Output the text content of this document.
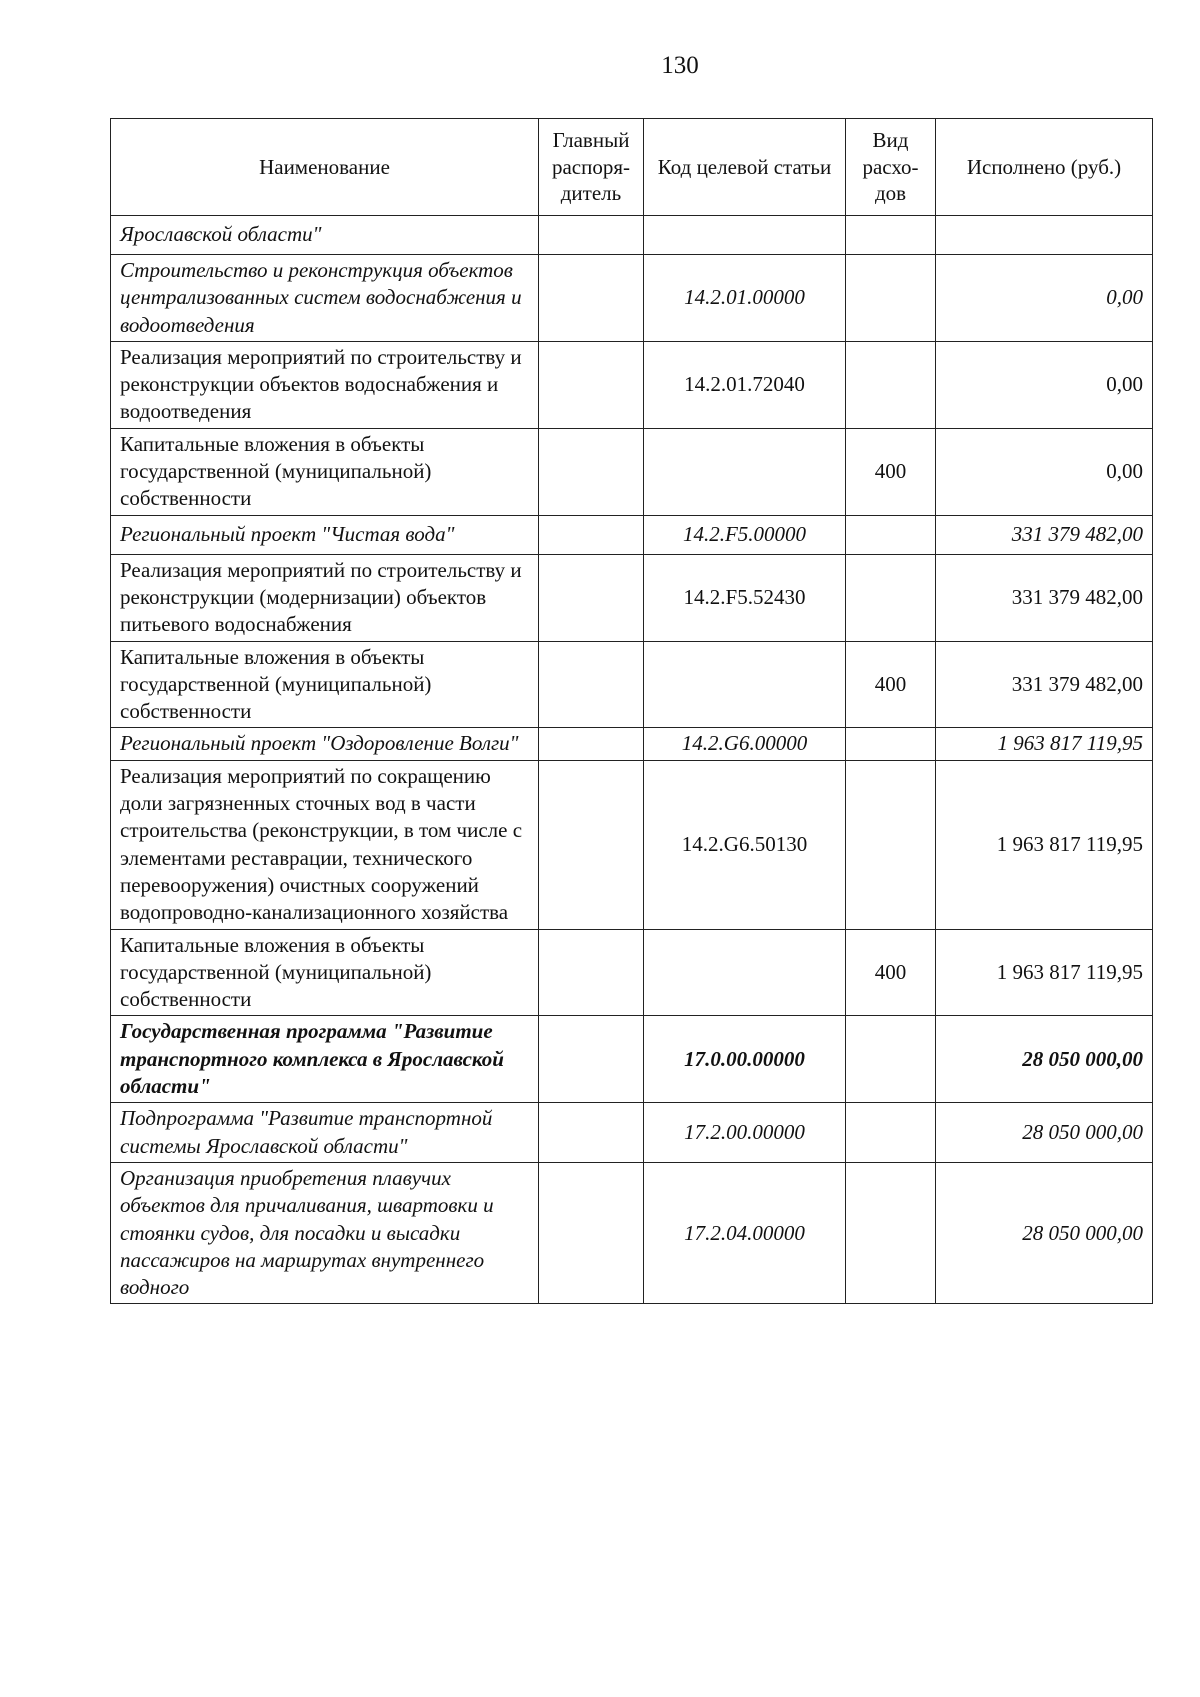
130
Наименование	Главный распоря-дитель	Код целевой статьи	Вид расхо-дов	Исполнено (руб.)
Ярославской области"				
Строительство и реконструкция объектов централизованных систем водоснабжения и водоотведения		14.2.01.00000		0,00
Реализация мероприятий по строительству и реконструкции объектов водоснабжения и водоотведения		14.2.01.72040		0,00
Капитальные вложения в объекты государственной (муниципальной) собственности			400	0,00
Региональный проект "Чистая вода"		14.2.F5.00000		331 379 482,00
Реализация мероприятий по строительству и реконструкции (модернизации) объектов питьевого водоснабжения		14.2.F5.52430		331 379 482,00
Капитальные вложения в объекты государственной (муниципальной) собственности			400	331 379 482,00
Региональный проект "Оздоровление Волги"		14.2.G6.00000		1 963 817 119,95
Реализация мероприятий по сокращению доли загрязненных сточных вод в части строительства (реконструкции, в том числе с элементами реставрации, технического перевооружения) очистных сооружений водопроводно-канализационного хозяйства		14.2.G6.50130		1 963 817 119,95
Капитальные вложения в объекты государственной (муниципальной) собственности			400	1 963 817 119,95
Государственная программа "Развитие транспортного комплекса в Ярославской области"		17.0.00.00000		28 050 000,00
Подпрограмма "Развитие транспортной системы Ярославской области"		17.2.00.00000		28 050 000,00
Организация приобретения плавучих объектов для причаливания, швартовки и стоянки судов, для посадки и высадки пассажиров на маршрутах внутреннего водного		17.2.04.00000		28 050 000,00
